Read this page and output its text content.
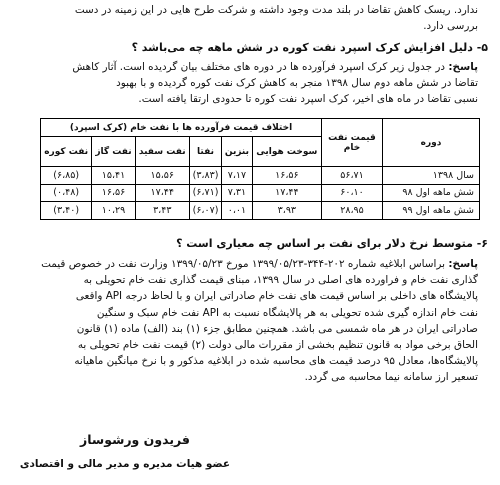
ندارد. ریسک کاهش تقاضا در بلند مدت وجود داشته و شرکت طرح هایی در این زمینه در دست

بررسی دارد.

۵- دلیل افزایش کرک اسپرد نفت کوره در شش ماهه چه می‌باشد ؟

پاسخ: در جدول زیر کرک اسپرد فرآورده ها در دوره های مختلف بیان گردیده است. آثار کاهش

تقاضا در شش ماهه دوم سال ۱۳۹۸ منجر به کاهش کرک نفت کوره گردیده و با بهبود

نسبی تقاضا در ماه های اخیر، کرک اسپرد نفت کوره تا حدودی ارتقا یافته است.

دوره	قیمت نفت خام	اختلاف قیمت فرآورده ها با نفت خام (کرک اسپرد)					
		سوخت هوایی	بنزین	نفتا	نفت سفید	نفت گاز	نفت کوره
سال ۱۳۹۸	۵۶،۷۱	۱۶،۵۶	۷،۱۷	(۳،۸۳)	۱۵،۵۶	۱۵،۴۱	(۶،۸۵)
شش ماهه اول ۹۸	۶۰،۱۰	۱۷،۴۴	۷،۳۱	(۶،۷۱)	۱۷،۴۴	۱۶،۵۶	(۰،۴۸)
شش ماهه اول ۹۹	۲۸،۹۵	۳،۹۳	۰،۰۱	(۶،۰۷)	۳،۴۳	۱۰،۲۹	(۳،۴۰)
۶- متوسط نرخ دلار برای نفت بر اساس چه معیاری است ؟

پاسخ: براساس ابلاغیه شماره ۲۰۲-۳۴۴-۱۳۹۹/۰۵/۲۳ مورخ ۱۳۹۹/۰۵/۲۳ وزارت نفت در خصوص قیمت

گذاری نفت خام و فراورده های اصلی در سال ۱۳۹۹، مبنای قیمت گذاری نفت خام تحویلی به

پالایشگاه های داخلی بر اساس قیمت های نفت خام صادراتی ایران و با لحاظ درجه API واقعی

نفت خام اندازه گیری شده تحویلی به هر پالایشگاه نسبت به API نفت خام سبک و سنگین

صادراتی ایران در هر ماه شمسی می باشد. همچنین مطابق جزء (۱) بند (الف) ماده (۱) قانون

الحاق برخی مواد به قانون تنظیم بخشی از مقررات مالی دولت (۲) قیمت نفت خام تحویلی به

پالایشگاه‌ها، معادل ۹۵ درصد قیمت های محاسبه شده در ابلاغیه مذکور و با نرخ میانگین ماهیانه

تسعیر ارز سامانه نیما محاسبه می گردد.

فریدون ورشوساز
عضو هیات مدیره و مدیر مالی و اقتصادی
